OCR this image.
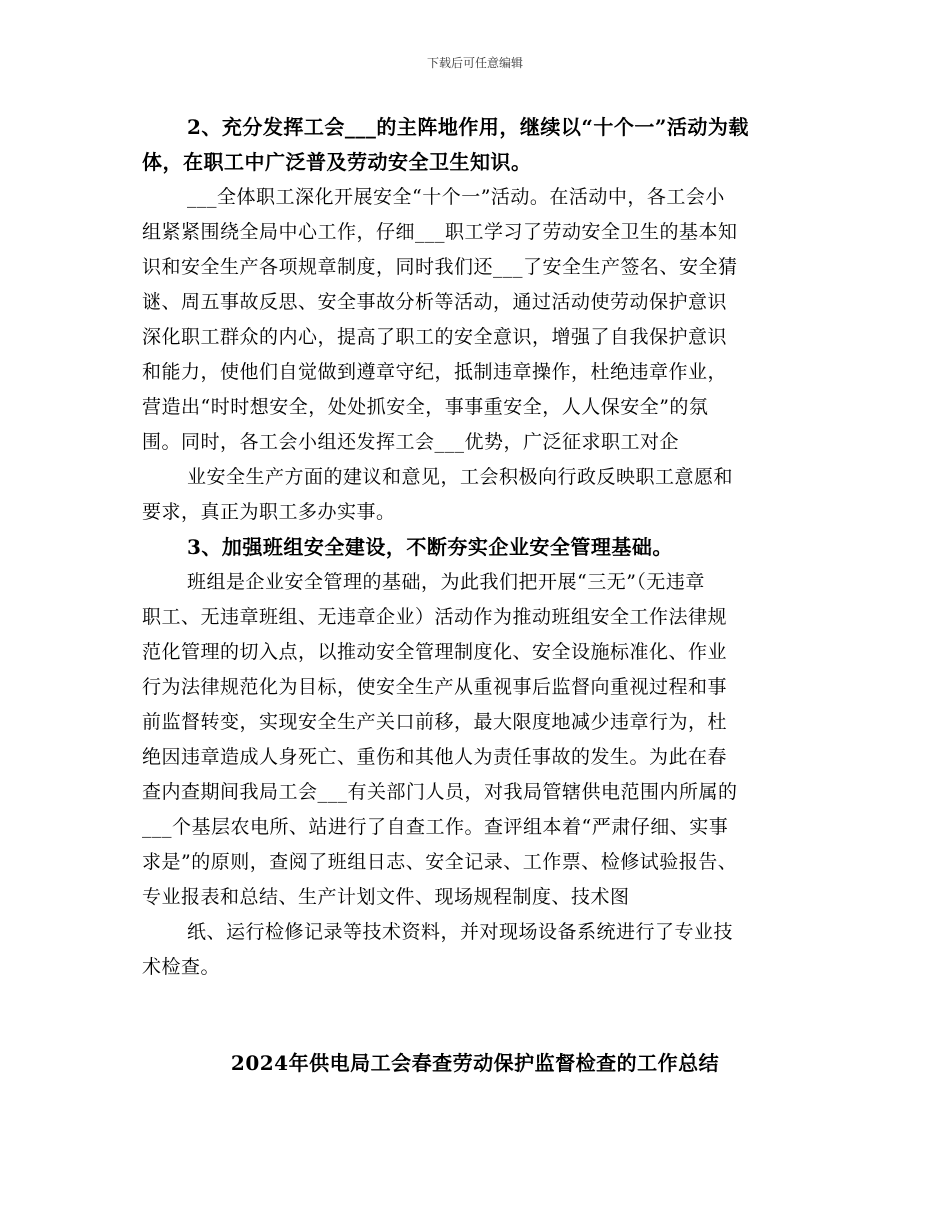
下载后可任意编辑
2、充分发挥工会___的主阵地作用，继续以“十个一”活动为载
体，在职工中广泛普及劳动安全卫生知识。
___全体职工深化开展安全“十个一”活动。在活动中，各工会小
组紧紧围绕全局中心工作，仔细___职工学习了劳动安全卫生的基本知
识和安全生产各项规章制度，同时我们还___了安全生产签名、安全猜
谜、周五事故反思、安全事故分析等活动，通过活动使劳动保护意识
深化职工群众的内心，提高了职工的安全意识，增强了自我保护意识
和能力，使他们自觉做到遵章守纪，抵制违章操作，杜绝违章作业，
营造出“时时想安全，处处抓安全，事事重安全，人人保安全”的氛
围。同时，各工会小组还发挥工会___优势，广泛征求职工对企
业安全生产方面的建议和意见，工会积极向行政反映职工意愿和
要求，真正为职工多办实事。
3、加强班组安全建设，不断夯实企业安全管理基础。
班组是企业安全管理的基础，为此我们把开展“三无”（无违章
职工、无违章班组、无违章企业）活动作为推动班组安全工作法律规
范化管理的切入点，以推动安全管理制度化、安全设施标准化、作业
行为法律规范化为目标，使安全生产从重视事后监督向重视过程和事
前监督转变，实现安全生产关口前移，最大限度地减少违章行为，杜
绝因违章造成人身死亡、重伤和其他人为责任事故的发生。为此在春
查内查期间我局工会___有关部门人员，对我局管辖供电范围内所属的
___个基层农电所、站进行了自查工作。查评组本着“严肃仔细、实事
求是”的原则，查阅了班组日志、安全记录、工作票、检修试验报告、
专业报表和总结、生产计划文件、现场规程制度、技术图
纸、运行检修记录等技术资料，并对现场设备系统进行了专业技
术检查。
2024年供电局工会春查劳动保护监督检查的工作总结
